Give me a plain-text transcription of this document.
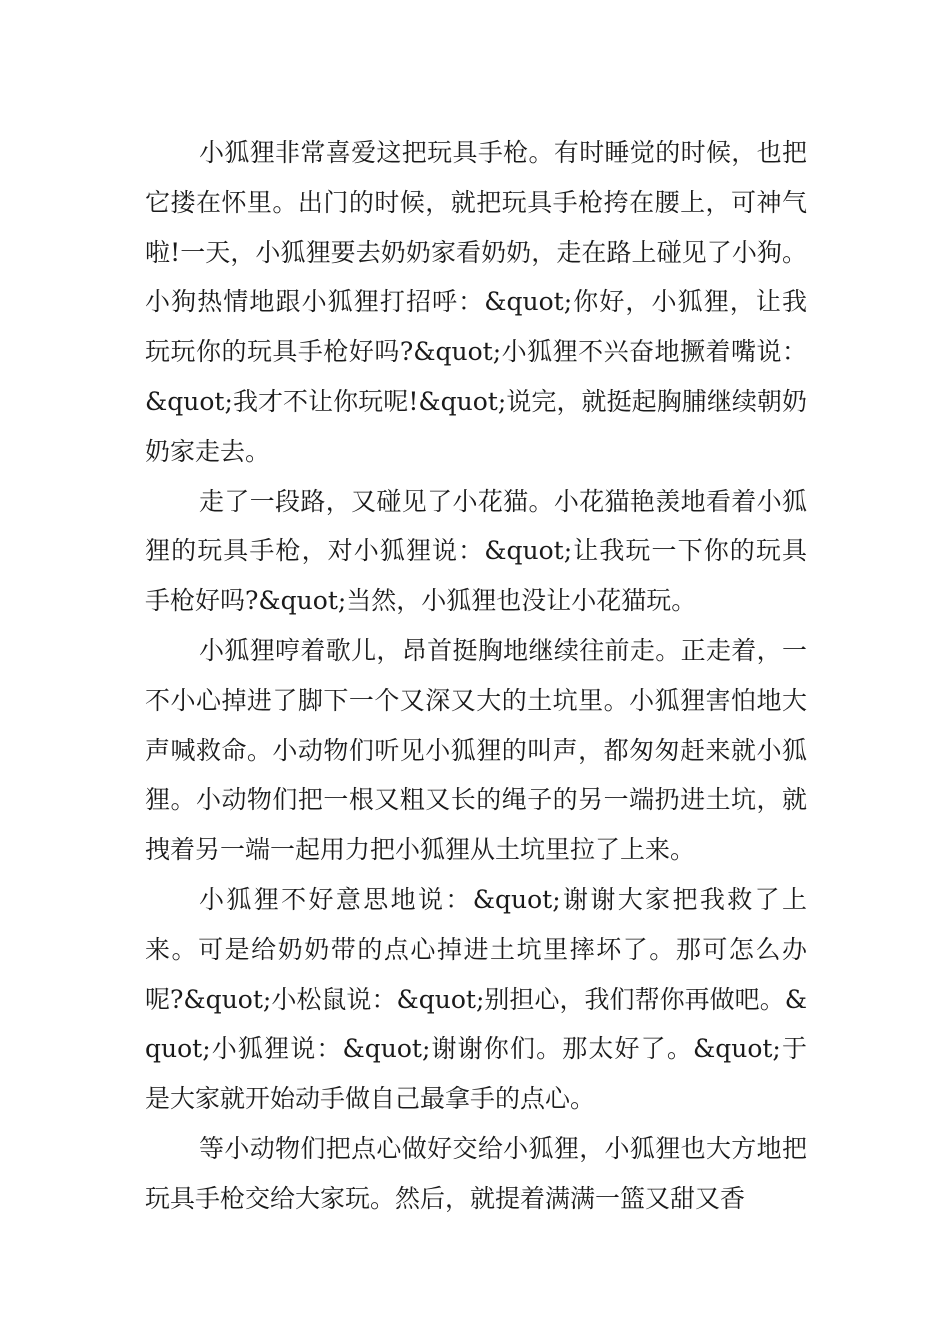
小狐狸非常喜爱这把玩具手枪。有时睡觉的时候，也把它搂在怀里。出门的时候，就把玩具手枪挎在腰上，可神气啦!一天，小狐狸要去奶奶家看奶奶，走在路上碰见了小狗。小狗热情地跟小狐狸打招呼：&quot;你好，小狐狸，让我玩玩你的玩具手枪好吗?&quot;小狐狸不兴奋地撅着嘴说：&quot;我才不让你玩呢!&quot;说完，就挺起胸脯继续朝奶奶家走去。

走了一段路，又碰见了小花猫。小花猫艳羡地看着小狐狸的玩具手枪，对小狐狸说：&quot;让我玩一下你的玩具手枪好吗?&quot;当然，小狐狸也没让小花猫玩。

小狐狸哼着歌儿，昂首挺胸地继续往前走。正走着，一不小心掉进了脚下一个又深又大的土坑里。小狐狸害怕地大声喊救命。小动物们听见小狐狸的叫声，都匆匆赶来就小狐狸。小动物们把一根又粗又长的绳子的另一端扔进土坑，就拽着另一端一起用力把小狐狸从土坑里拉了上来。

小狐狸不好意思地说：&quot;谢谢大家把我救了上来。可是给奶奶带的点心掉进土坑里摔坏了。那可怎么办呢?&quot;小松鼠说：&quot;别担心，我们帮你再做吧。&quot;小狐狸说：&quot;谢谢你们。那太好了。&quot;于是大家就开始动手做自己最拿手的点心。

等小动物们把点心做好交给小狐狸，小狐狸也大方地把玩具手枪交给大家玩。然后，就提着满满一篮又甜又香
